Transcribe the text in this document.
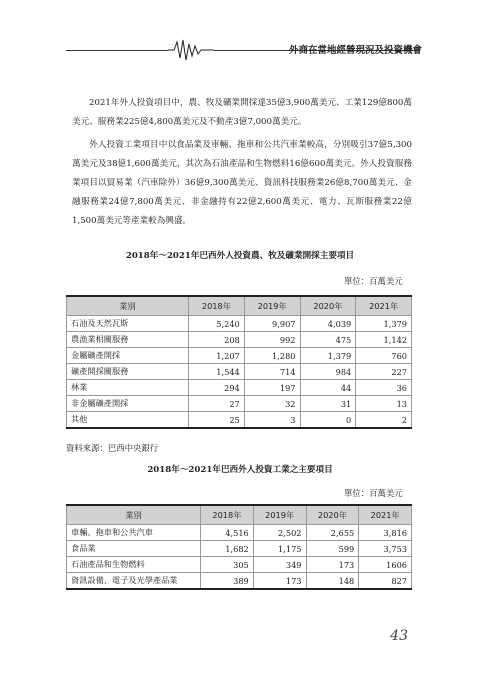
外商在當地經營現況及投資機會

2021年外人投資項目中，農、牧及礦業開採達35億3,900萬美元、工業129億800萬美元、服務業225億4,800萬美元及不動產3億7,000萬美元。

外人投資工業項目中以食品業及車輛、拖車和公共汽車業較高，分別吸引37億5,300萬美元及38億1,600萬美元，其次為石油產品和生物燃料16億600萬美元。外人投資服務業項目以貿易業（汽車除外）36億9,300萬美元、資訊科技服務業26億8,700萬美元、金融服務業24億7,800萬美元、非金融持有22億2,600萬美元、電力、瓦斯服務業22億1,500萬美元等產業較為興盛。

2018年～2021年巴西外人投資農、牧及礦業開採主要項目
單位：百萬美元
業別	2018年	2019年	2020年	2021年
石油及天然瓦斯	5,240	9,907	4,039	1,379
農漁業相關服務	208	992	475	1,142
金屬礦產開採	1,207	1,280	1,379	760
礦產開採關服務	1,544	714	984	227
林業	294	197	44	36
非金屬礦產開採	27	32	31	13
其他	25	3	0	2
資料來源：巴西中央銀行
2018年～2021年巴西外人投資工業之主要項目
單位：百萬美元
業別	2018年	2019年	2020年	2021年
車輛、拖車和公共汽車	4,516	2,502	2,655	3,816
食品業	1,682	1,175	599	3,753
石油產品和生物燃料	305	349	173	1606
資訊設備、電子及光學產品業	389	173	148	827
43
